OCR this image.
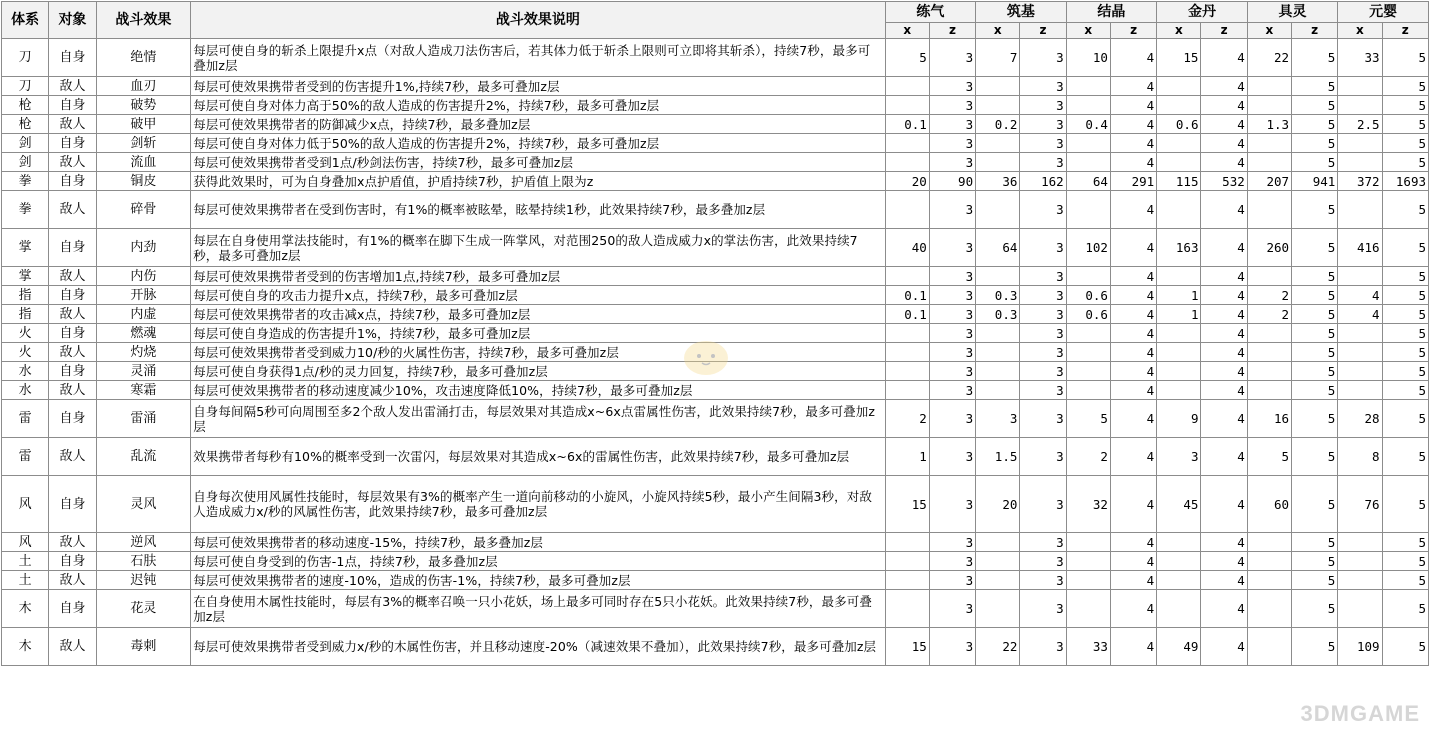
体系	对象	战斗效果	战斗效果说明	练气		筑基		结晶		金丹		具灵		元婴	
				x	z	x	z	x	z	x	z	x	z	x	z
刀	自身	绝情	每层可使自身的斩杀上限提升x点（对敌人造成刀法伤害后，若其体力低于斩杀上限则可立即将其斩杀），持续7秒，最多可叠加z层	5	3	7	3	10	4	15	4	22	5	33	5
刀	敌人	血刃	每层可使效果携带者受到的伤害提升1%,持续7秒，最多可叠加z层		3		3		4		4		5		5
枪	自身	破势	每层可使自身对体力高于50%的敌人造成的伤害提升2%，持续7秒，最多可叠加z层		3		3		4		4		5		5
枪	敌人	破甲	每层可使效果携带者的防御减少x点，持续7秒，最多叠加z层	0.1	3	0.2	3	0.4	4	0.6	4	1.3	5	2.5	5
剑	自身	剑斩	每层可使自身对体力低于50%的敌人造成的伤害提升2%，持续7秒，最多可叠加z层		3		3		4		4		5		5
剑	敌人	流血	每层可使效果携带者受到1点/秒剑法伤害，持续7秒，最多可叠加z层		3		3		4		4		5		5
拳	自身	铜皮	获得此效果时，可为自身叠加x点护盾值，护盾持续7秒，护盾值上限为z	20	90	36	162	64	291	115	532	207	941	372	1693
拳	敌人	碎骨	每层可使效果携带者在受到伤害时，有1%的概率被眩晕，眩晕持续1秒，此效果持续7秒，最多叠加z层		3		3		4		4		5		5
掌	自身	内劲	每层在自身使用掌法技能时，有1%的概率在脚下生成一阵掌风，对范围250的敌人造成威力x的掌法伤害，此效果持续7秒，最多可叠加z层	40	3	64	3	102	4	163	4	260	5	416	5
掌	敌人	内伤	每层可使效果携带者受到的伤害增加1点,持续7秒，最多可叠加z层		3		3		4		4		5		5
指	自身	开脉	每层可使自身的攻击力提升x点，持续7秒，最多可叠加z层	0.1	3	0.3	3	0.6	4	1	4	2	5	4	5
指	敌人	内虚	每层可使效果携带者的攻击减x点，持续7秒，最多可叠加z层	0.1	3	0.3	3	0.6	4	1	4	2	5	4	5
火	自身	燃魂	每层可使自身造成的伤害提升1%，持续7秒，最多可叠加z层		3		3		4		4		5		5
火	敌人	灼烧	每层可使效果携带者受到威力10/秒的火属性伤害，持续7秒，最多可叠加z层		3		3		4		4		5		5
水	自身	灵涌	每层可使自身获得1点/秒的灵力回复，持续7秒，最多可叠加z层		3		3		4		4		5		5
水	敌人	寒霜	每层可使效果携带者的移动速度减少10%，攻击速度降低10%，持续7秒，最多可叠加z层		3		3		4		4		5		5
雷	自身	雷涌	自身每间隔5秒可向周围至多2个敌人发出雷涌打击，每层效果对其造成x~6x点雷属性伤害，此效果持续7秒，最多可叠加z层	2	3	3	3	5	4	9	4	16	5	28	5
雷	敌人	乱流	效果携带者每秒有10%的概率受到一次雷闪，每层效果对其造成x~6x的雷属性伤害，此效果持续7秒，最多可叠加z层	1	3	1.5	3	2	4	3	4	5	5	8	5
风	自身	灵风	自身每次使用风属性技能时，每层效果有3%的概率产生一道向前移动的小旋风，小旋风持续5秒，最小产生间隔3秒，对敌人造成威力x/秒的风属性伤害，此效果持续7秒，最多可叠加z层	15	3	20	3	32	4	45	4	60	5	76	5
风	敌人	逆风	每层可使效果携带者的移动速度-15%，持续7秒，最多叠加z层		3		3		4		4		5		5
土	自身	石肤	每层可使自身受到的伤害-1点，持续7秒，最多叠加z层		3		3		4		4		5		5
土	敌人	迟钝	每层可使效果携带者的速度-10%，造成的伤害-1%，持续7秒，最多可叠加z层		3		3		4		4		5		5
木	自身	花灵	在自身使用木属性技能时，每层有3%的概率召唤一只小花妖，场上最多可同时存在5只小花妖。此效果持续7秒，最多可叠加z层		3		3		4		4		5		5
木	敌人	毒刺	每层可使效果携带者受到威力x/秒的木属性伤害，并且移动速度-20%（减速效果不叠加），此效果持续7秒，最多可叠加z层	15	3	22	3	33	4	49	4		5	109	5
3DMGAME
